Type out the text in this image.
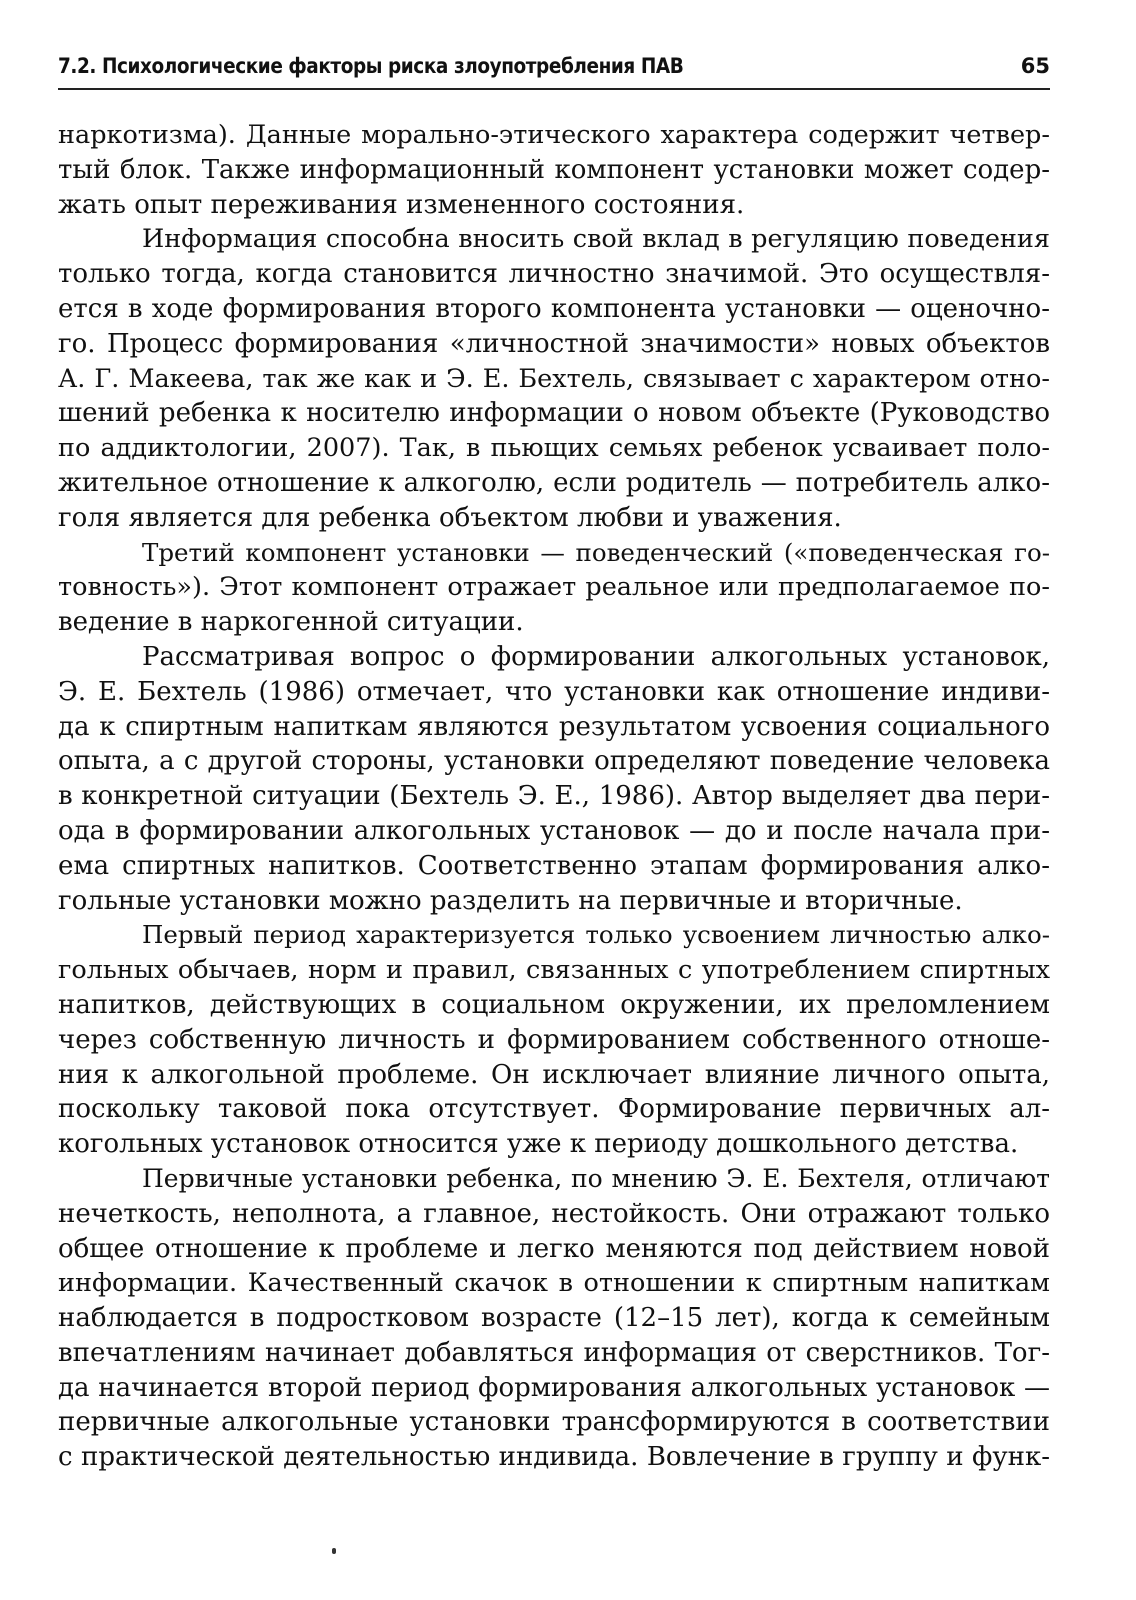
7.2. Психологические факторы риска злоупотребления ПАВ	65
наркотизма). Данные морально-этического характера содержит четвер-
тый блок. Также информационный компонент установки может содер-
жать опыт переживания измененного состояния.
Информация способна вносить свой вклад в регуляцию поведения
только тогда, когда становится личностно значимой. Это осуществля-
ется в ходе формирования второго компонента установки — оценочно-
го. Процесс формирования «личностной значимости» новых объектов
А. Г. Макеева, так же как и Э. Е. Бехтель, связывает с характером отно-
шений ребенка к носителю информации о новом объекте (Руководство
по аддиктологии, 2007). Так, в пьющих семьях ребенок усваивает поло-
жительное отношение к алкоголю, если родитель — потребитель алко-
голя является для ребенка объектом любви и уважения.
Третий компонент установки — поведенческий («поведенческая го-
товность»). Этот компонент отражает реальное или предполагаемое по-
ведение в наркогенной ситуации.
Рассматривая вопрос о формировании алкогольных установок,
Э. Е. Бехтель (1986) отмечает, что установки как отношение индиви-
да к спиртным напиткам являются результатом усвоения социального
опыта, а с другой стороны, установки определяют поведение человека
в конкретной ситуации (Бехтель Э. Е., 1986). Автор выделяет два пери-
ода в формировании алкогольных установок — до и после начала при-
ема спиртных напитков. Соответственно этапам формирования алко-
гольные установки можно разделить на первичные и вторичные.
Первый период характеризуется только усвоением личностью алко-
гольных обычаев, норм и правил, связанных с употреблением спиртных
напитков, действующих в социальном окружении, их преломлением
через собственную личность и формированием собственного отноше-
ния к алкогольной проблеме. Он исключает влияние личного опыта,
поскольку таковой пока отсутствует. Формирование первичных ал-
когольных установок относится уже к периоду дошкольного детства.
Первичные установки ребенка, по мнению Э. Е. Бехтеля, отличают
нечеткость, неполнота, а главное, нестойкость. Они отражают только
общее отношение к проблеме и легко меняются под действием новой
информации. Качественный скачок в отношении к спиртным напиткам
наблюдается в подростковом возрасте (12–15 лет), когда к семейным
впечатлениям начинает добавляться информация от сверстников. Тог-
да начинается второй период формирования алкогольных установок —
первичные алкогольные установки трансформируются в соответствии
с практической деятельностью индивида. Вовлечение в группу и функ-
